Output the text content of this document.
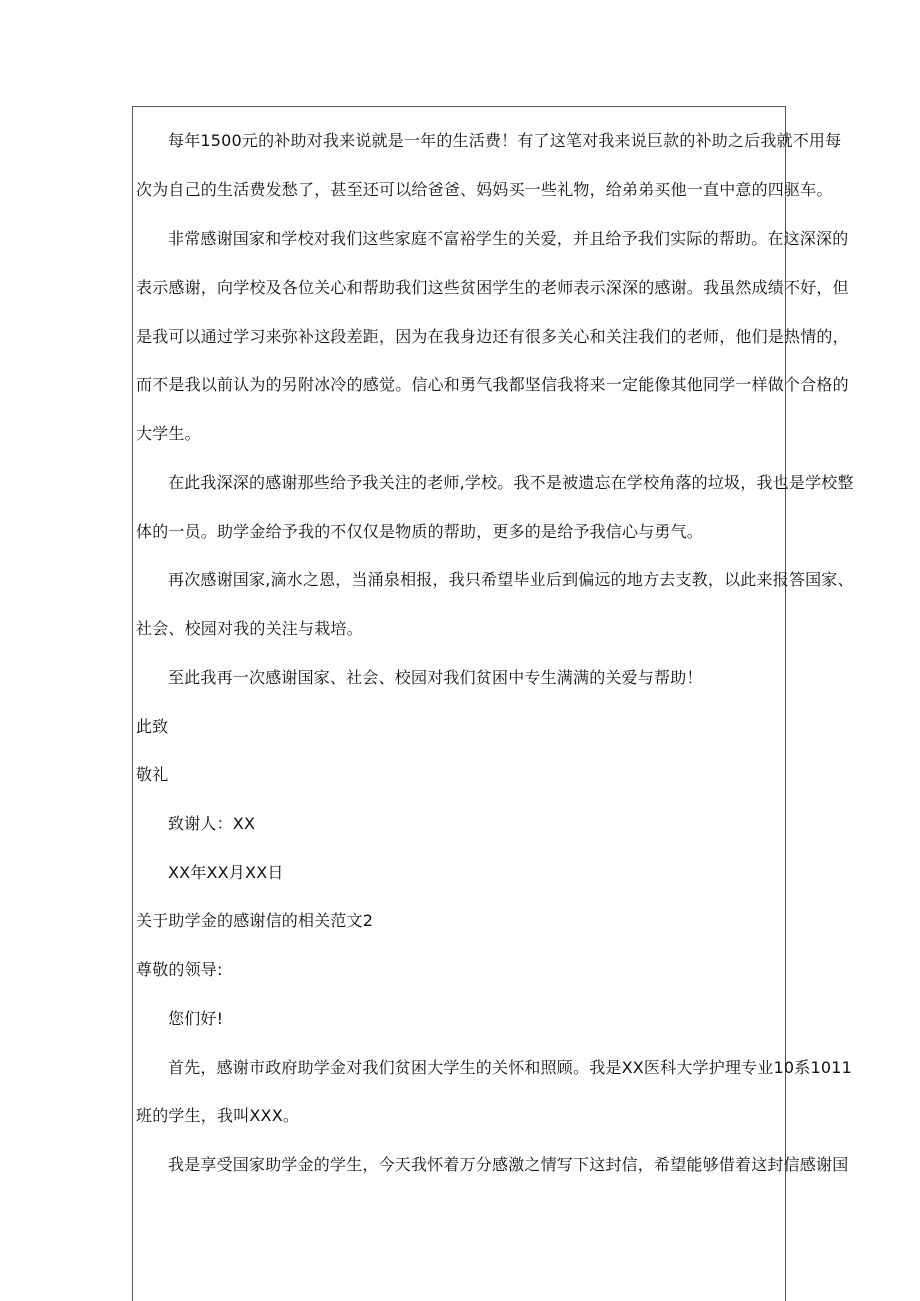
每年1500元的补助对我来说就是一年的生活费！有了这笔对我来说巨款的补助之后我就不用每
次为自己的生活费发愁了，甚至还可以给爸爸、妈妈买一些礼物，给弟弟买他一直中意的四驱车。
非常感谢国家和学校对我们这些家庭不富裕学生的关爱，并且给予我们实际的帮助。在这深深的
表示感谢，向学校及各位关心和帮助我们这些贫困学生的老师表示深深的感谢。我虽然成绩不好，但
是我可以通过学习来弥补这段差距，因为在我身边还有很多关心和关注我们的老师，他们是热情的，
而不是我以前认为的另附冰冷的感觉。信心和勇气我都坚信我将来一定能像其他同学一样做个合格的
大学生。
在此我深深的感谢那些给予我关注的老师,学校。我不是被遗忘在学校角落的垃圾，我也是学校整
体的一员。助学金给予我的不仅仅是物质的帮助，更多的是给予我信心与勇气。
再次感谢国家,滴水之恩，当涌泉相报，我只希望毕业后到偏远的地方去支教，以此来报答国家、
社会、校园对我的关注与栽培。
至此我再一次感谢国家、社会、校园对我们贫困中专生满满的关爱与帮助！
此致
敬礼
致谢人：XX
XX年XX月XX日
关于助学金的感谢信的相关范文2
尊敬的领导:
您们好!
首先，感谢市政府助学金对我们贫困大学生的关怀和照顾。我是XX医科大学护理专业10系1011
班的学生，我叫XXX。
我是享受国家助学金的学生，今天我怀着万分感激之情写下这封信，希望能够借着这封信感谢国
